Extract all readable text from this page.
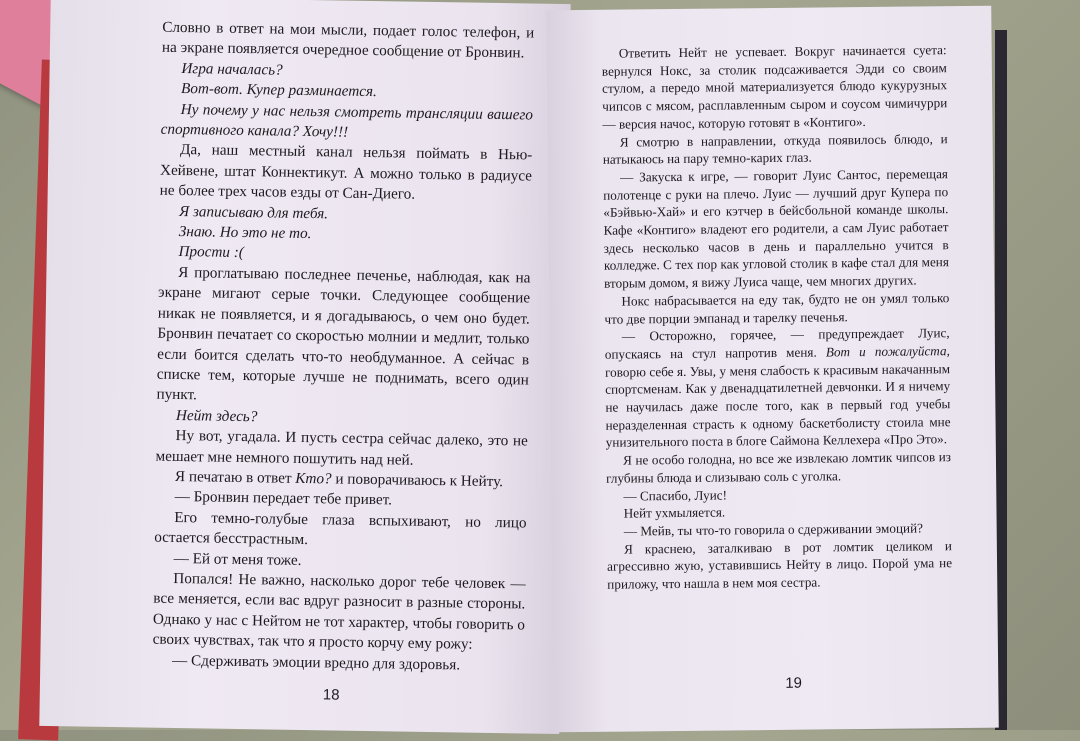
Словно в ответ на мои мысли, подает голос телефон, и на экране появляется очередное сообщение от Бронвин.

Игра началась?

Вот-вот. Купер разминается.

Ну почему у нас нельзя смотреть трансляции вашего спортивного канала? Хочу!!!

Да, наш местный канал нельзя поймать в Нью-Хейвене, штат Коннектикут. А можно только в радиусе не более трех часов езды от Сан-Диего.

Я записываю для тебя.

Знаю. Но это не то.

Прости :(

Я проглатываю последнее печенье, наблюдая, как на экране мигают серые точки. Следующее сообщение никак не появляется, и я догадываюсь, о чем оно будет. Бронвин печатает со скоростью молнии и медлит, только если боится сделать что-то необдуманное. А сейчас в списке тем, которые лучше не поднимать, всего один пункт.

Нейт здесь?

Ну вот, угадала. И пусть сестра сейчас далеко, это не мешает мне немного пошутить над ней.

Я печатаю в ответ Кто? и поворачиваюсь к Нейту.

— Бронвин передает тебе привет.

Его темно-голубые глаза вспыхивают, но лицо остается бесстрастным.

— Ей от меня тоже.

Попался! Не важно, насколько дорог тебе человек — все меняется, если вас вдруг разносит в разные стороны. Однако у нас с Нейтом не тот характер, чтобы говорить о своих чувствах, так что я просто корчу ему рожу:

— Сдерживать эмоции вредно для здоровья.

18

Ответить Нейт не успевает. Вокруг начинается суета: вернулся Нокс, за столик подсаживается Эдди со своим стулом, а передо мной материализуется блюдо кукурузных чипсов с мясом, расплавленным сыром и соусом чимичурри — версия начос, которую готовят в «Контиго».

Я смотрю в направлении, откуда появилось блюдо, и натыкаюсь на пару темно-карих глаз.

— Закуска к игре, — говорит Луис Сантос, перемещая полотенце с руки на плечо. Луис — лучший друг Купера по «Бэйвью-Хай» и его кэтчер в бейсбольной команде школы. Кафе «Контиго» владеют его родители, а сам Луис работает здесь несколько часов в день и параллельно учится в колледже. С тех пор как угловой столик в кафе стал для меня вторым домом, я вижу Луиса чаще, чем многих других.

Нокс набрасывается на еду так, будто не он умял только что две порции эмпанад и тарелку печенья.

— Осторожно, горячее, — предупреждает Луис, опускаясь на стул напротив меня. Вот и пожалуйста, говорю себе я. Увы, у меня слабость к красивым накачанным спортсменам. Как у двенадцатилетней девчонки. И я ничему не научилась даже после того, как в первый год учебы неразделенная страсть к одному баскетболисту стоила мне унизительного поста в блоге Саймона Келлехера «Про Это».

Я не особо голодна, но все же извлекаю ломтик чипсов из глубины блюда и слизываю соль с уголка.

— Спасибо, Луис!

Нейт ухмыляется.

— Мейв, ты что-то говорила о сдерживании эмоций?

Я краснею, заталкиваю в рот ломтик целиком и агрессивно жую, уставившись Нейту в лицо. Порой ума не приложу, что нашла в нем моя сестра.

19
